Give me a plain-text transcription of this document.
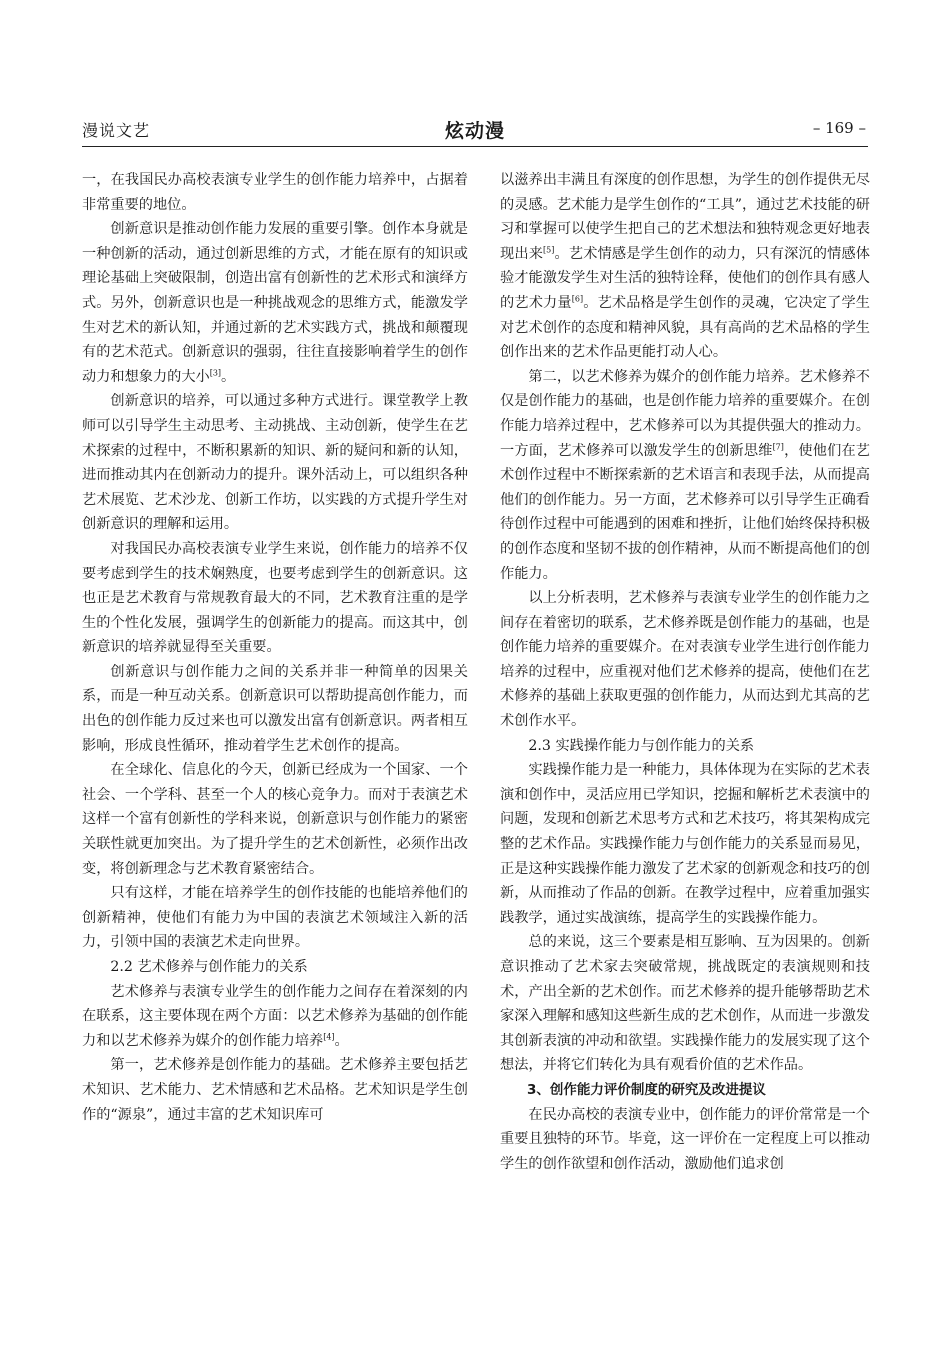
漫说文艺	炫动漫	– 169 –

一，在我国民办高校表演专业学生的创作能力培养中，占据着非常重要的地位。

创新意识是推动创作能力发展的重要引擎。创作本身就是一种创新的活动，通过创新思维的方式，才能在原有的知识或理论基础上突破限制，创造出富有创新性的艺术形式和演绎方式。另外，创新意识也是一种挑战观念的思维方式，能激发学生对艺术的新认知，并通过新的艺术实践方式，挑战和颠覆现有的艺术范式。创新意识的强弱，往往直接影响着学生的创作动力和想象力的大小[3]。

创新意识的培养，可以通过多种方式进行。课堂教学上教师可以引导学生主动思考、主动挑战、主动创新，使学生在艺术探索的过程中，不断积累新的知识、新的疑问和新的认知，进而推动其内在创新动力的提升。课外活动上，可以组织各种艺术展览、艺术沙龙、创新工作坊，以实践的方式提升学生对创新意识的理解和运用。

对我国民办高校表演专业学生来说，创作能力的培养不仅要考虑到学生的技术娴熟度，也要考虑到学生的创新意识。这也正是艺术教育与常规教育最大的不同，艺术教育注重的是学生的个性化发展，强调学生的创新能力的提高。而这其中，创新意识的培养就显得至关重要。

创新意识与创作能力之间的关系并非一种简单的因果关系，而是一种互动关系。创新意识可以帮助提高创作能力，而出色的创作能力反过来也可以激发出富有创新意识。两者相互影响，形成良性循环，推动着学生艺术创作的提高。

在全球化、信息化的今天，创新已经成为一个国家、一个社会、一个学科、甚至一个人的核心竞争力。而对于表演艺术这样一个富有创新性的学科来说，创新意识与创作能力的紧密关联性就更加突出。为了提升学生的艺术创新性，必须作出改变，将创新理念与艺术教育紧密结合。

只有这样，才能在培养学生的创作技能的也能培养他们的创新精神，使他们有能力为中国的表演艺术领域注入新的活力，引领中国的表演艺术走向世界。

2.2 艺术修养与创作能力的关系

艺术修养与表演专业学生的创作能力之间存在着深刻的内在联系，这主要体现在两个方面：以艺术修养为基础的创作能力和以艺术修养为媒介的创作能力培养[4]。

第一，艺术修养是创作能力的基础。艺术修养主要包括艺术知识、艺术能力、艺术情感和艺术品格。艺术知识是学生创作的“源泉”，通过丰富的艺术知识库可

以滋养出丰满且有深度的创作思想，为学生的创作提供无尽的灵感。艺术能力是学生创作的“工具”，通过艺术技能的研习和掌握可以使学生把自己的艺术想法和独特观念更好地表现出来[5]。艺术情感是学生创作的动力，只有深沉的情感体验才能激发学生对生活的独特诠释，使他们的创作具有感人的艺术力量[6]。艺术品格是学生创作的灵魂，它决定了学生对艺术创作的态度和精神风貌，具有高尚的艺术品格的学生创作出来的艺术作品更能打动人心。

第二，以艺术修养为媒介的创作能力培养。艺术修养不仅是创作能力的基础，也是创作能力培养的重要媒介。在创作能力培养过程中，艺术修养可以为其提供强大的推动力。一方面，艺术修养可以激发学生的创新思维[7]，使他们在艺术创作过程中不断探索新的艺术语言和表现手法，从而提高他们的创作能力。另一方面，艺术修养可以引导学生正确看待创作过程中可能遇到的困难和挫折，让他们始终保持积极的创作态度和坚韧不拔的创作精神，从而不断提高他们的创作能力。

以上分析表明，艺术修养与表演专业学生的创作能力之间存在着密切的联系，艺术修养既是创作能力的基础，也是创作能力培养的重要媒介。在对表演专业学生进行创作能力培养的过程中，应重视对他们艺术修养的提高，使他们在艺术修养的基础上获取更强的创作能力，从而达到尤其高的艺术创作水平。

2.3 实践操作能力与创作能力的关系

实践操作能力是一种能力，具体体现为在实际的艺术表演和创作中，灵活应用已学知识，挖掘和解析艺术表演中的问题，发现和创新艺术思考方式和艺术技巧，将其架构成完整的艺术作品。实践操作能力与创作能力的关系显而易见，正是这种实践操作能力激发了艺术家的创新观念和技巧的创新，从而推动了作品的创新。在教学过程中，应着重加强实践教学，通过实战演练，提高学生的实践操作能力。

总的来说，这三个要素是相互影响、互为因果的。创新意识推动了艺术家去突破常规，挑战既定的表演规则和技术，产出全新的艺术创作。而艺术修养的提升能够帮助艺术家深入理解和感知这些新生成的艺术创作，从而进一步激发其创新表演的冲动和欲望。实践操作能力的发展实现了这个想法，并将它们转化为具有观看价值的艺术作品。

3、创作能力评价制度的研究及改进提议

在民办高校的表演专业中，创作能力的评价常常是一个重要且独特的环节。毕竟，这一评价在一定程度上可以推动学生的创作欲望和创作活动，激励他们追求创
